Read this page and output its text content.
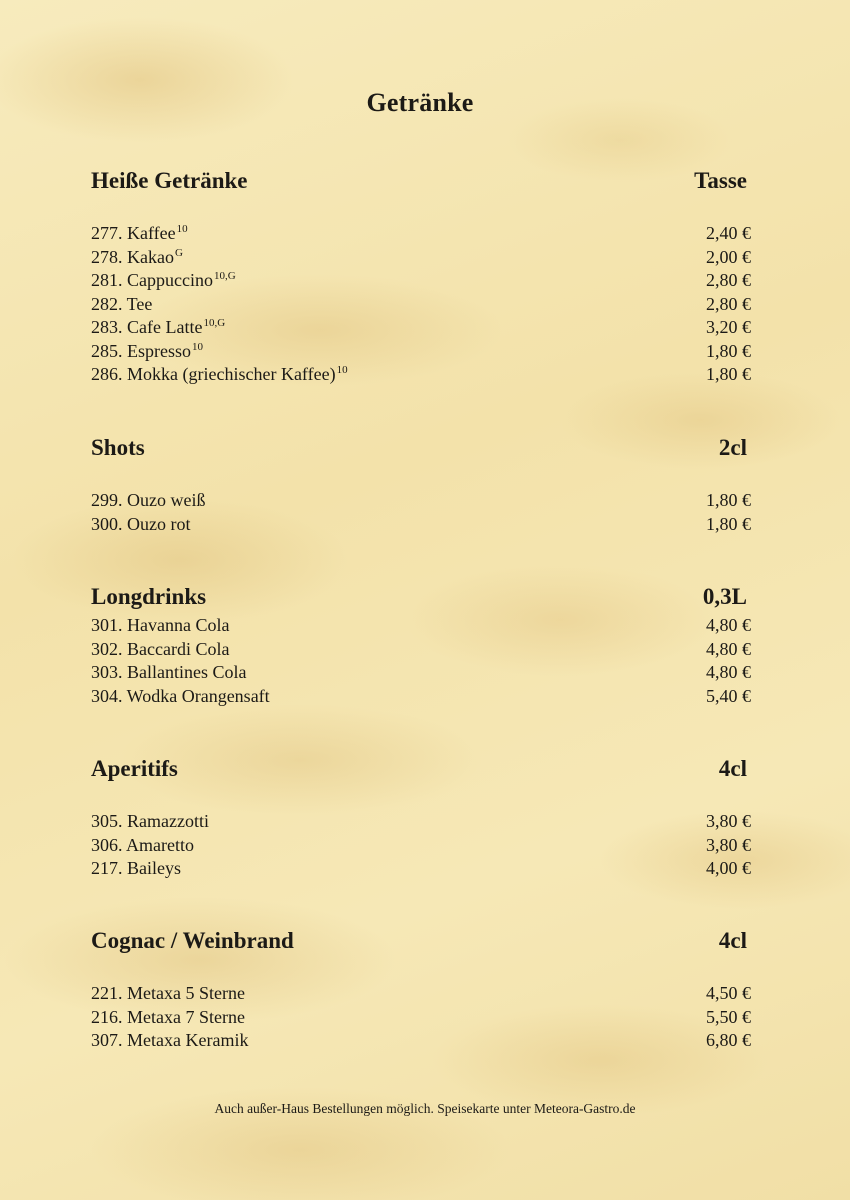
Getränke
Heiße Getränke	Tasse
277. Kaffee$^{10}$	2,40 €
278. Kakao$^G$	2,00 €
281. Cappuccino$^{10,G}$	2,80 €
282. Tee	2,80 €
283. Cafe Latte$^{10,G}$	3,20 €
285. Espresso$^{10}$	1,80 €
286. Mokka (griechischer Kaffee)$^{10}$	1,80 €
Shots	2cl
299. Ouzo weiß	1,80 €
300. Ouzo rot	1,80 €
Longdrinks	0,3L
301. Havanna Cola	4,80 €
302. Baccardi Cola	4,80 €
303. Ballantines Cola	4,80 €
304. Wodka Orangensaft	5,40 €
Aperitifs	4cl
305. Ramazzotti	3,80 €
306. Amaretto	3,80 €
217. Baileys	4,00 €
Cognac / Weinbrand	4cl
221. Metaxa 5 Sterne	4,50 €
216. Metaxa 7 Sterne	5,50 €
307. Metaxa Keramik	6,80 €
Auch außer-Haus Bestellungen möglich. Speisekarte unter Meteora-Gastro.de
